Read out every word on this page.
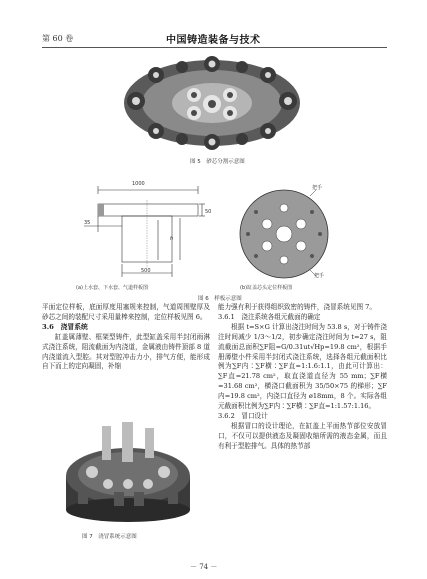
第 60 卷	中国铸造装备与技术
图 5　砂芯分割示意图
1000
50
35
500
h
把手
把手
(a)上水套、下水套、气道样板图	(b)缸盖芯头定位样板图
图 6　样板示意图

平面定位样板，底面厚度用塞规来控制，气道周围壁厚及砂芯之间的装配尺寸采用量棒来控制，定位样板见图 6。

3.6　浇冒系统

缸盖属薄壁、框架型铸件，此型缸盖采用半封闭雨淋式浇注系统，阻流截面为内浇道，金属液由铸件顶部 8 道内浇道流入型腔。其对型腔冲击力小，排气方便，能形成自下而上的定向凝固，补缩

图 7　浇冒系统示意图

能力强有利于获得组织致密的铸件，浇冒系统见图 7。

3.6.1　浇注系统各组元截面的确定

根据 t=S×G 计算出浇注时间为 53.8 s，对于铸件浇注时间减少 1/3～1/2，初步确定浇注时间为 t=27 s，阻流截面总面积∑F阻=G/0.31ut√Hp=19.8 cm²，根据手册薄壁小件采用半封闭式浇注系统，选择各组元截面积比例为∑F内∶∑F横∶∑F直=1:1.6:1.1，由此可计算出：∑F直=21.78 cm²，取直浇道直径为 55 mm；∑F横=31.68 cm²，横浇口截面积为 35/50×75 的梯形；∑F内=19.8 cm²，内浇口直径为 ø18mm，8 个。实际各组元截面积比例为∑F内∶∑F横∶∑F直=1:1.57:1.16。

3.6.2　冒口设计

根据冒口的设计理论，在缸盖上平面热节部位安放冒口，不仅可以提供液态及凝固收缩所需的液态金属，而且有利于型腔排气。具体的热节部

－ 74 －
